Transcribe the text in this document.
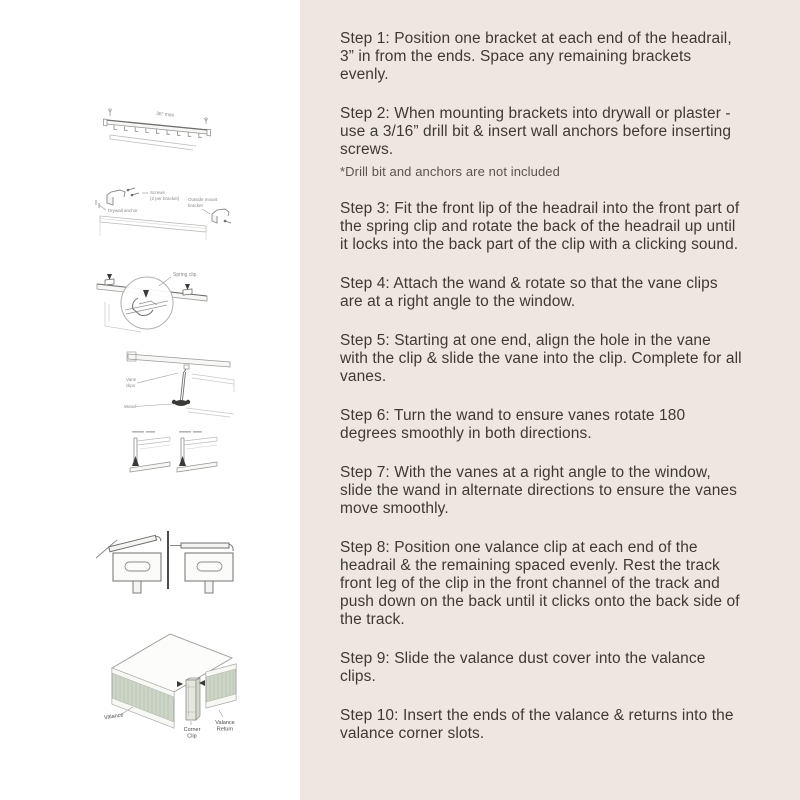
36” max
Screws
(2 per bracket)
Drywall anchor
Outside mount
bracket
Spring clip
Vane
clips
Wand
Valance
Corner
Clip
Valance
Return

Step 1: Position one bracket at each end of the headrail, 3” in from the ends. Space any remaining brackets evenly.

Step 2: When mounting brackets into drywall or plaster - use a 3/16” drill bit & insert wall anchors before inserting screws.

*Drill bit and anchors are not included

Step 3: Fit the front lip of the headrail into the front part of the spring clip and rotate the back of the headrail up until it locks into the back part of the clip with a clicking sound.

Step 4: Attach the wand & rotate so that the vane clips are at a right angle to the window.

Step 5: Starting at one end, align the hole in the vane with the clip & slide the vane into the clip. Complete for all vanes.

Step 6: Turn the wand to ensure vanes rotate 180 degrees smoothly in both directions.

Step 7: With the vanes at a right angle to the window, slide the wand in alternate directions to ensure the vanes move smoothly.

Step 8: Position one valance clip at each end of the headrail & the remaining spaced evenly. Rest the track front leg of the clip in the front channel of the track and push down on the back until it clicks onto the back side of the track.

Step 9: Slide the valance dust cover into the valance clips.

Step 10: Insert the ends of the valance & returns into the valance corner slots.
